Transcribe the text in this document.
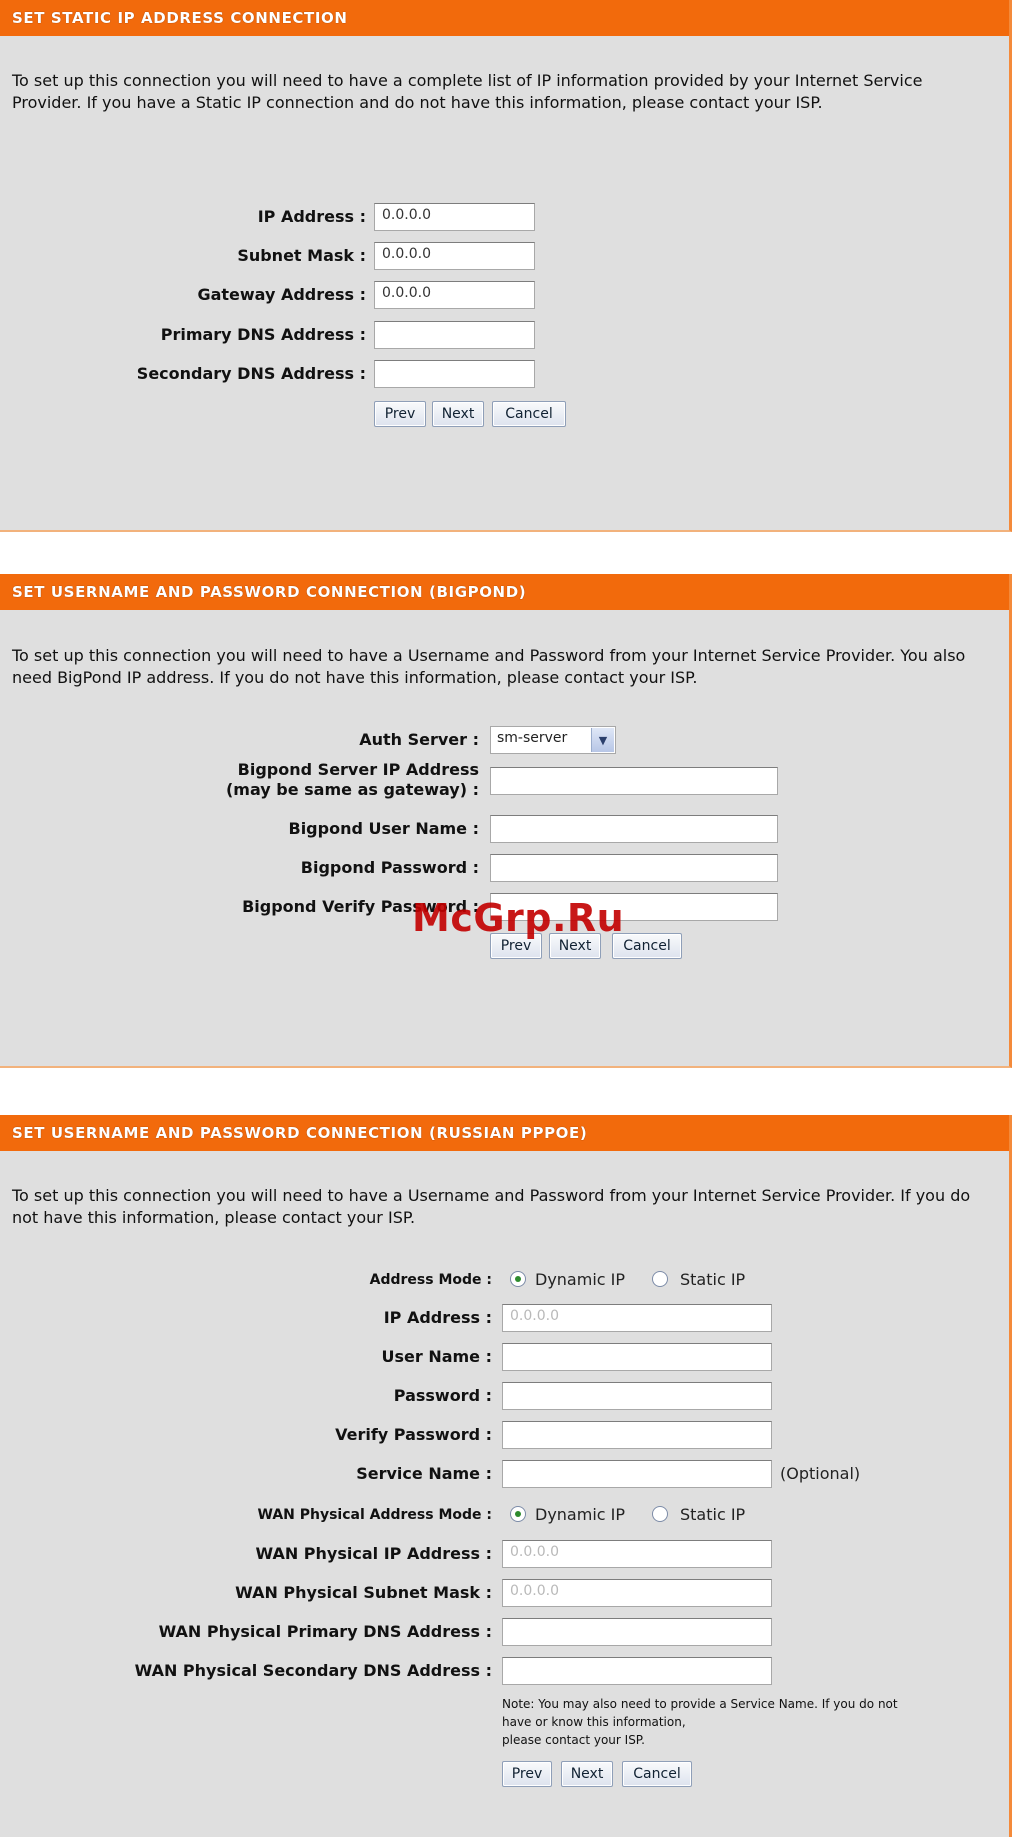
SET STATIC IP ADDRESS CONNECTION
To set up this connection you will need to have a complete list of IP information provided by your Internet Service Provider. If you have a Static IP connection and do not have this information, please contact your ISP.
IP Address :	0.0.0.0
Subnet Mask :	0.0.0.0
Gateway Address :	0.0.0.0
Primary DNS Address :
Secondary DNS Address :
Prev	Next	Cancel
SET USERNAME AND PASSWORD CONNECTION (BIGPOND)
To set up this connection you will need to have a Username and Password from your Internet Service Provider. You also need BigPond IP address. If you do not have this information, please contact your ISP.
Auth Server :	sm-server	▼
Bigpond Server IP Address
(may be same as gateway) :
Bigpond User Name :
Bigpond Password :
Bigpond Verify Password :
Prev	Next	Cancel
SET USERNAME AND PASSWORD CONNECTION (RUSSIAN PPPOE)
To set up this connection you will need to have a Username and Password from your Internet Service Provider. If you do not have this information, please contact your ISP.
Address Mode :	Dynamic IP	Static IP
IP Address :	0.0.0.0
User Name :
Password :
Verify Password :
Service Name :	(Optional)
WAN Physical Address Mode :	Dynamic IP	Static IP
WAN Physical IP Address :	0.0.0.0
WAN Physical Subnet Mask :	0.0.0.0
WAN Physical Primary DNS Address :
WAN Physical Secondary DNS Address :
Note: You may also need to provide a Service Name. If you do not
have or know this information,
please contact your ISP.
Prev	Next	Cancel
McGrp.Ru
